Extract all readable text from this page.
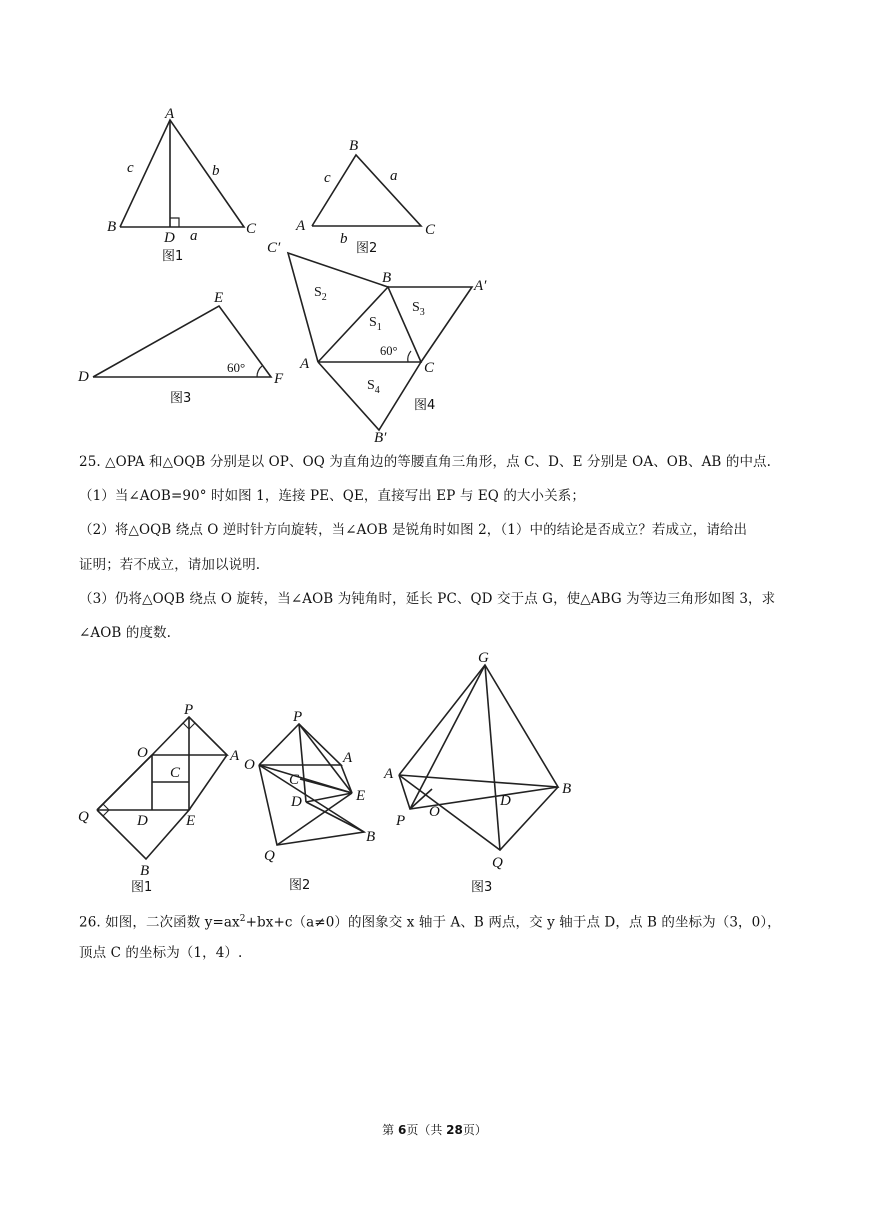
A
B	C
D a
b
c
图1
B
A	C
c	a
b
图2
D
E
F
60°
图3
C′
A′
B′
B
A	C
$S_2$
$S_3$
$S_1$
$S_4$
60°
图4
25. △OPA 和△OQB 分别是以 OP、OQ 为直角边的等腰直角三角形，点 C、D、E 分别是 OA、OB、AB 的中点.
（1）当∠AOB=90° 时如图 1，连接 PE、QE，直接写出 EP 与 EQ 的大小关系；
（2）将△OQB 绕点 O 逆时针方向旋转，当∠AOB 是锐角时如图 2，（1）中的结论是否成立？若成立，请给出
证明；若不成立，请加以说明.
（3）仍将△OQB 绕点 O 旋转，当∠AOB 为钝角时，延长 PC、QD 交于点 G，使△ABG 为等边三角形如图 3，求
∠AOB 的度数.
P
O	A
C
Q	D	E
B
图1
P
O	A
C
D	E
Q
B
图2
G
A
B
P
O
D
Q
图3
26. 如图，二次函数 $y=ax^2+bx+c(a\ne 0)$的图象交 x 轴于 A、B 两点，交 y 轴于点 D，点 B 的坐标为（3，0），
顶点 C 的坐标为（1，4）.
第 6页（共 28页）
